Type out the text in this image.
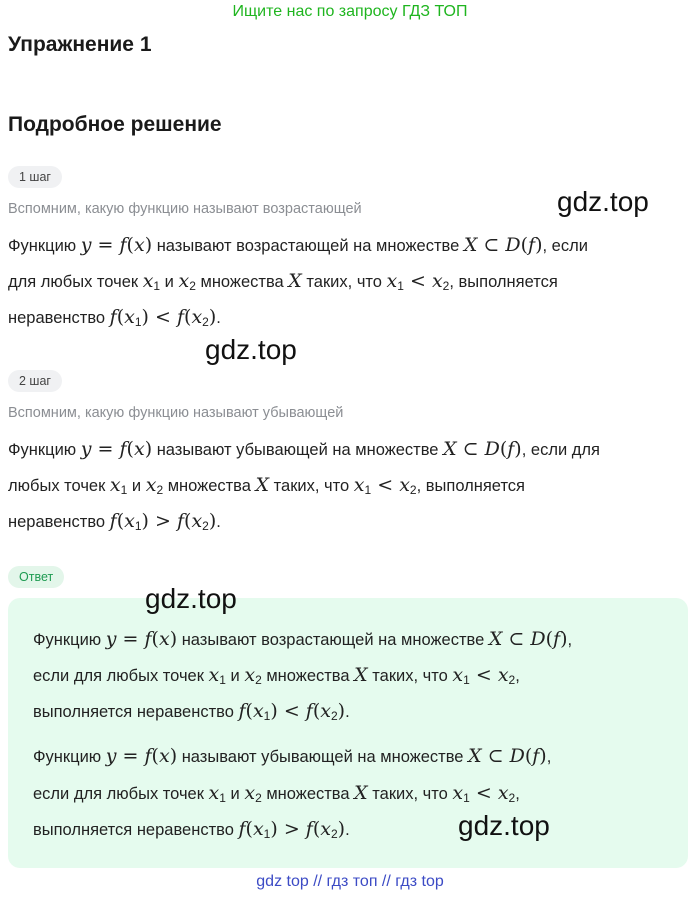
Ищите нас по запросу ГДЗ ТОП
Упражнение 1
Подробное решение
1 шаг
Вспомним, какую функцию называют возрастающей	gdz.top
Функцию y = f(x) называют возрастающей на множестве X ⊂ D(f), если
для любых точек $x_1$ и $x_2$ множества X таких, что $x_1 < x_2$, выполняется
неравенство $f(x_1) < f(x_2)$.
gdz.top
2 шаг
Вспомним, какую функцию называют убывающей
Функцию y = f(x) называют убывающей на множестве X ⊂ D(f), если для
любых точек $x_1$ и $x_2$ множества X таких, что $x_1 < x_2$, выполняется
неравенство $f(x_1) > f(x_2)$.
Ответ
gdz.top
Функцию y = f(x) называют возрастающей на множестве X ⊂ D(f),
если для любых точек $x_1$ и $x_2$ множества X таких, что $x_1 < x_2$,
выполняется неравенство $f(x_1) < f(x_2)$.
Функцию y = f(x) называют убывающей на множестве X ⊂ D(f),
если для любых точек $x_1$ и $x_2$ множества X таких, что $x_1 < x_2$,
выполняется неравенство $f(x_1) > f(x_2)$.	gdz.top
gdz top // гдз топ // гдз top
